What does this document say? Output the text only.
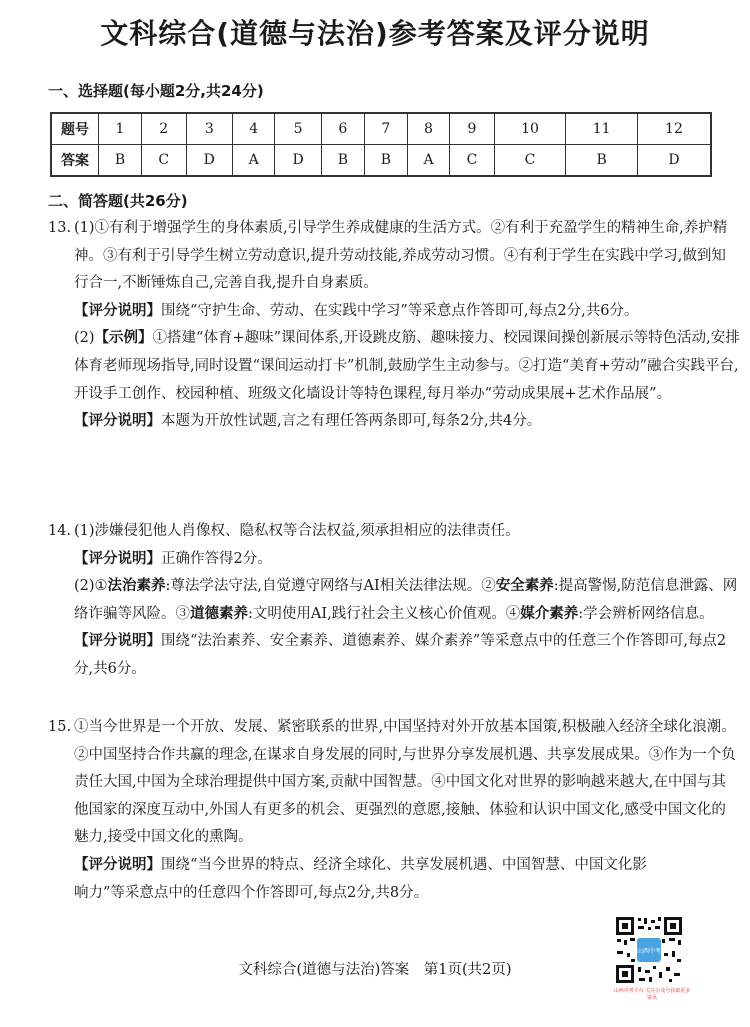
文科综合(道德与法治)参考答案及评分说明
一、选择题(每小题2分,共24分)
题号	1	2	3	4	5	6	7	8	9	10	11	12
答案	B	C	D	A	D	B	B	A	C	C	B	D
二、简答题(共26分)

13. (1)①有利于增强学生的身体素质,引导学生养成健康的生活方式。②有利于充盈学生的精神生命,养护精神。③有利于引导学生树立劳动意识,提升劳动技能,养成劳动习惯。④有利于学生在实践中学习,做到知行合一,不断锤炼自己,完善自我,提升自身素质。

【评分说明】围绕“守护生命、劳动、在实践中学习”等采意点作答即可,每点2分,共6分。

(2)【示例】①搭建“体育+趣味”课间体系,开设跳皮筋、趣味接力、校园课间操创新展示等特色活动,安排体育老师现场指导,同时设置“课间运动打卡”机制,鼓励学生主动参与。②打造“美育+劳动”融合实践平台,开设手工创作、校园种植、班级文化墙设计等特色课程,每月举办“劳动成果展+艺术作品展”。

【评分说明】本题为开放性试题,言之有理任答两条即可,每条2分,共4分。

14. (1)涉嫌侵犯他人肖像权、隐私权等合法权益,须承担相应的法律责任。

【评分说明】正确作答得2分。

(2)①法治素养:尊法学法守法,自觉遵守网络与AI相关法律法规。②安全素养:提高警惕,防范信息泄露、网络诈骗等风险。③道德素养:文明使用AI,践行社会主义核心价值观。④媒介素养:学会辨析网络信息。

【评分说明】围绕“法治素养、安全素养、道德素养、媒介素养”等采意点中的任意三个作答即可,每点2分,共6分。

15. ①当今世界是一个开放、发展、紧密联系的世界,中国坚持对外开放基本国策,积极融入经济全球化浪潮。②中国坚持合作共赢的理念,在谋求自身发展的同时,与世界分享发展机遇、共享发展成果。③作为一个负责任大国,中国为全球治理提供中国方案,贡献中国智慧。④中国文化对世界的影响越来越大,在中国与其他国家的深度互动中,外国人有更多的机会、更强烈的意愿,接触、体验和认识中国文化,感受中国文化的魅力,接受中国文化的熏陶。

【评分说明】围绕“当今世界的特点、经济全球化、共享发展机遇、中国智慧、中国文化影响力”等采意点中的任意四个作答即可,每点2分,共8分。

文科综合(道德与法治)答案　第1页(共2页)
山西中考
山西中考平台 关注公众号获取更多资讯
